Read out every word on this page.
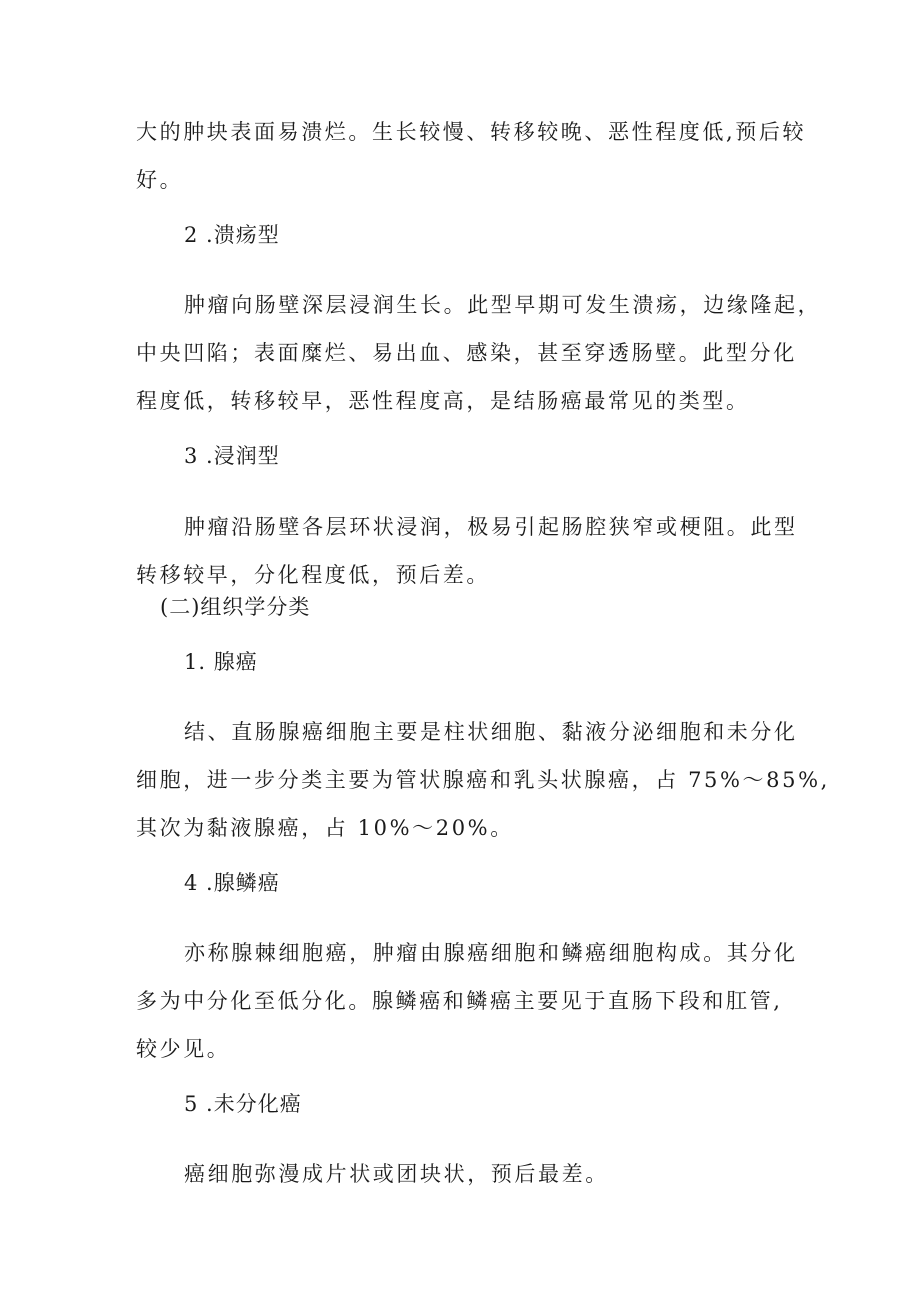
大的肿块表面易溃烂。生长较慢、转移较晚、恶性程度低,预后较

好。

2 .溃疡型

肿瘤向肠壁深层浸润生长。此型早期可发生溃疡，边缘隆起，

中央凹陷；表面糜烂、易出血、感染，甚至穿透肠壁。此型分化

程度低，转移较早，恶性程度高，是结肠癌最常见的类型。

3 .浸润型

肿瘤沿肠壁各层环状浸润，极易引起肠腔狭窄或梗阻。此型

转移较早，分化程度低，预后差。

(二)组织学分类

1. 腺癌

结、直肠腺癌细胞主要是柱状细胞、黏液分泌细胞和未分化

细胞，进一步分类主要为管状腺癌和乳头状腺癌，占 75%～85%,

其次为黏液腺癌，占 10%～20%。

4 .腺鳞癌

亦称腺棘细胞癌，肿瘤由腺癌细胞和鳞癌细胞构成。其分化

多为中分化至低分化。腺鳞癌和鳞癌主要见于直肠下段和肛管,

较少见。

5 .未分化癌

癌细胞弥漫成片状或团块状，预后最差。
